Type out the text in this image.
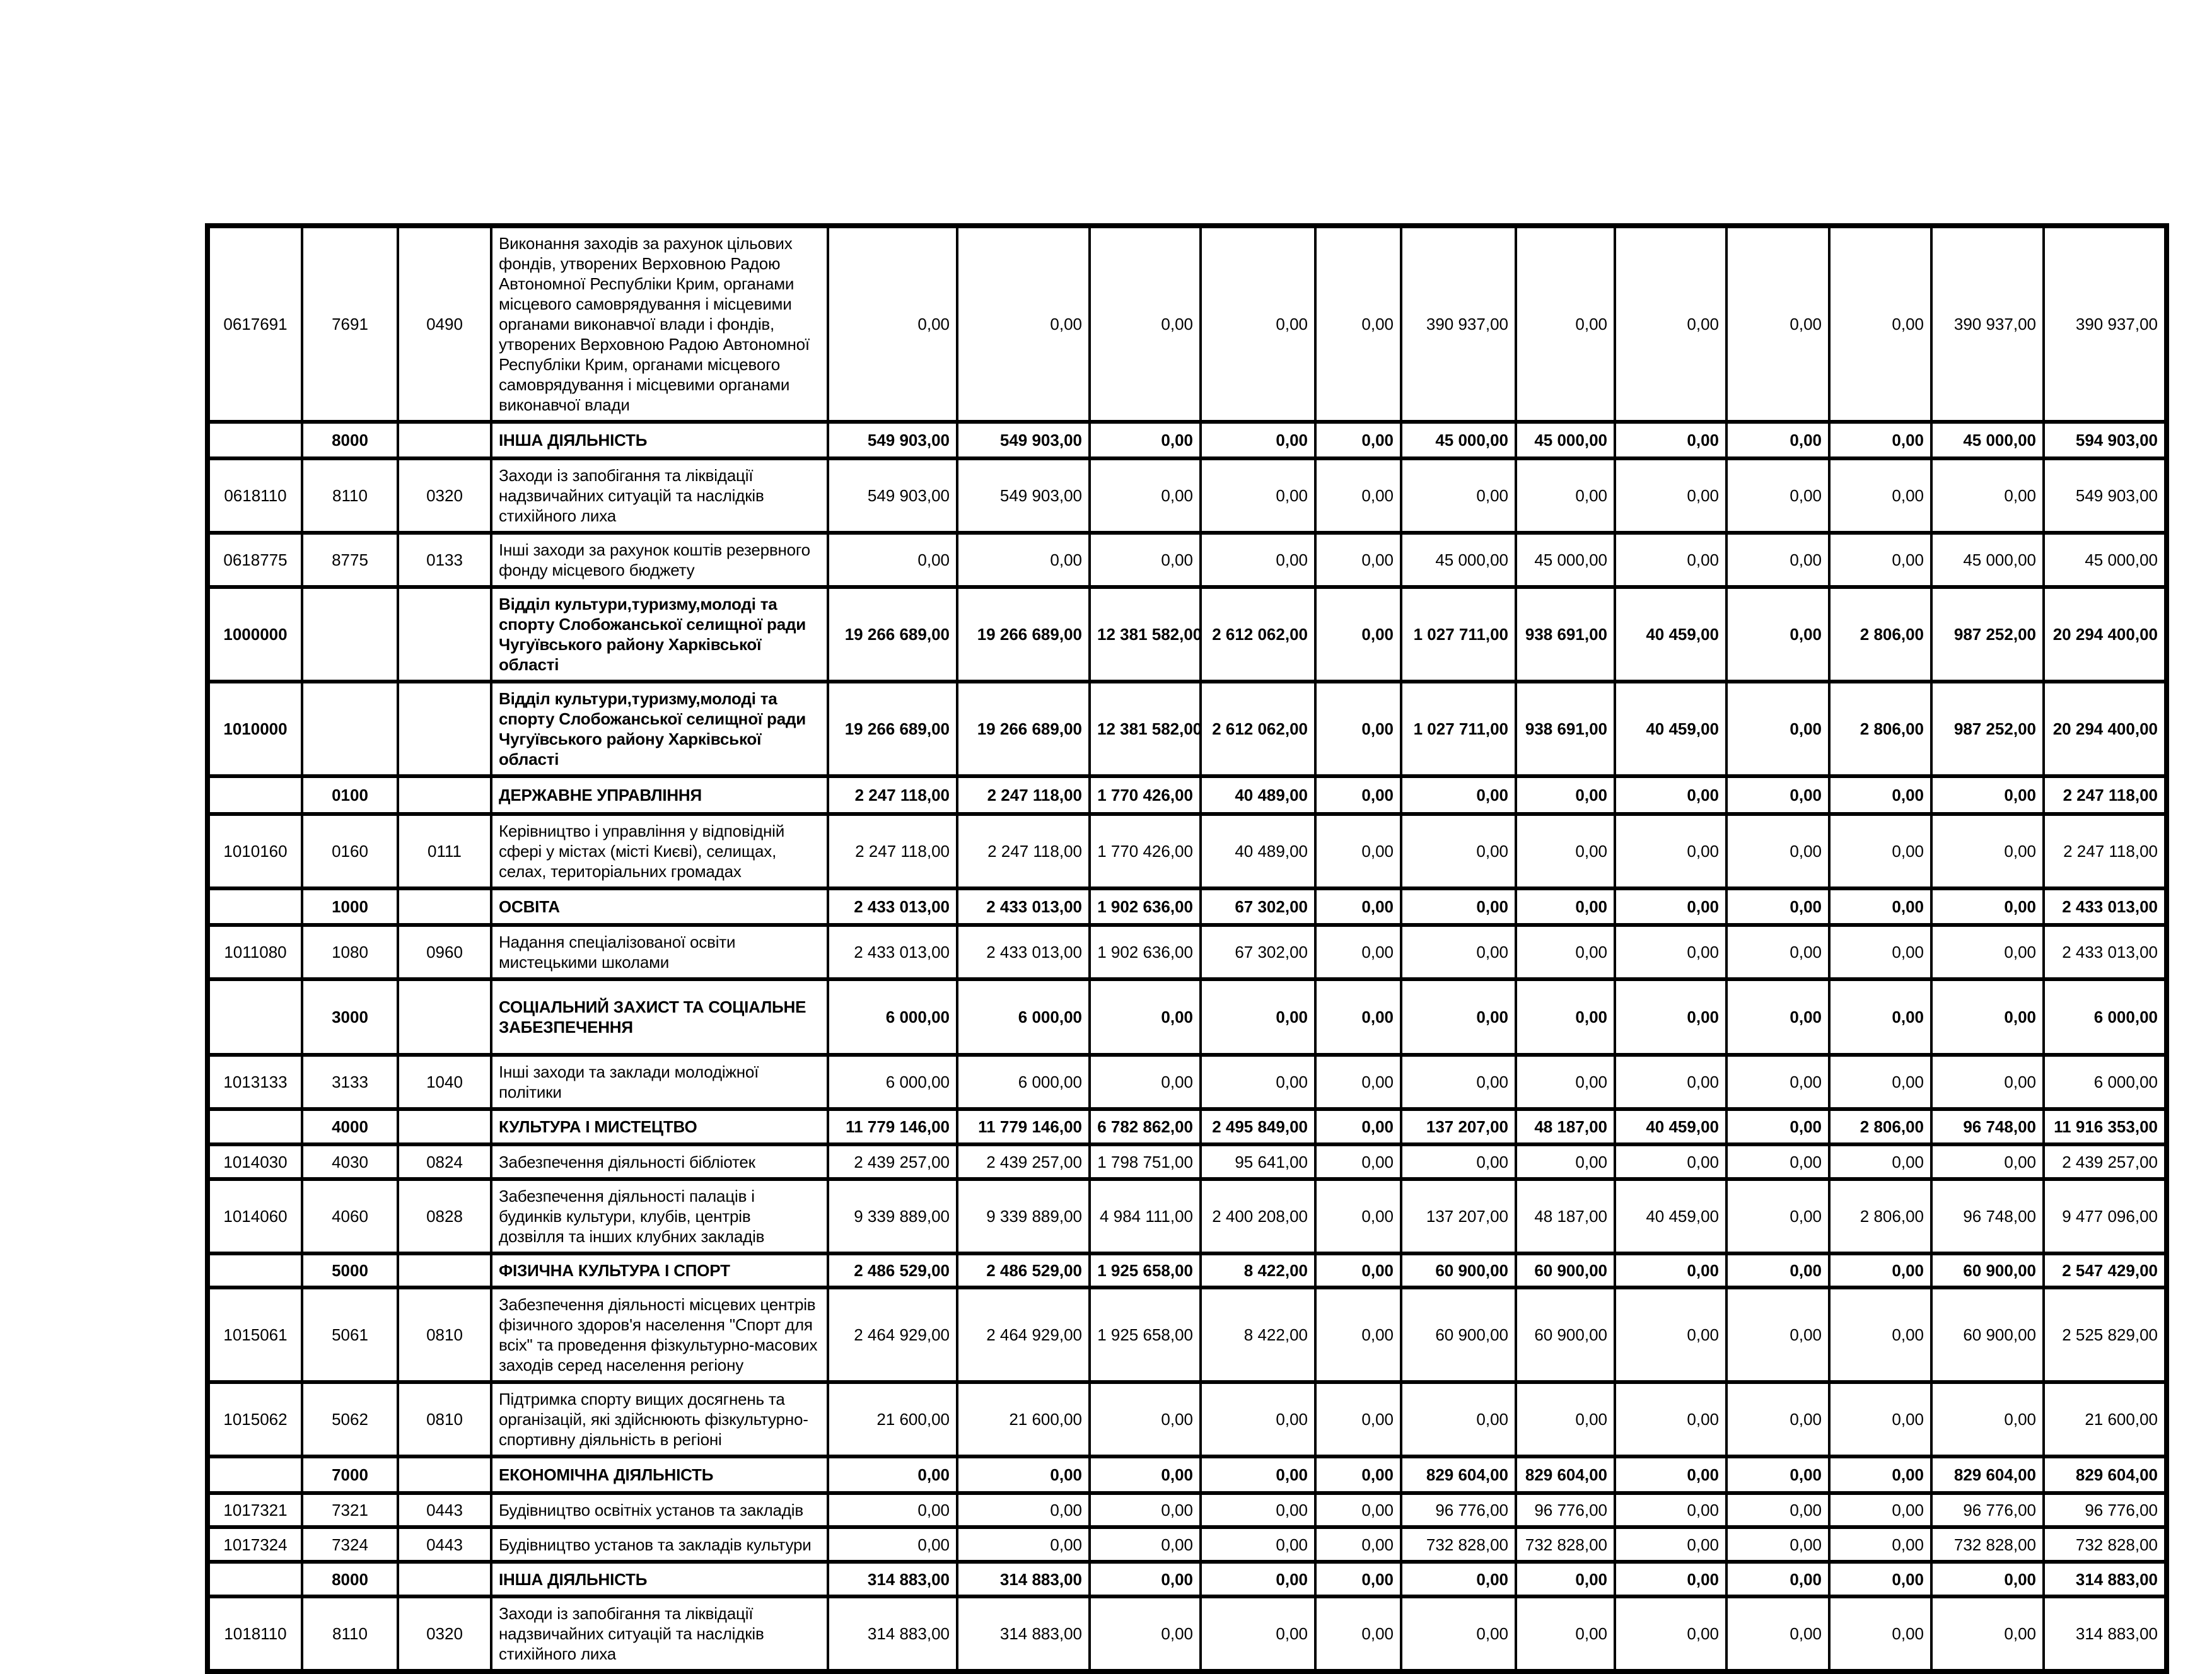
0617691	7691	0490	Виконання заходів за рахунок цільових фондів, утворених Верховною Радою Автономної Республіки Крим, органами місцевого самоврядування і місцевими органами виконавчої влади і фондів, утворених Верховною Радою Автономної Республіки Крим, органами місцевого самоврядування і місцевими органами виконавчої влади	0,00	0,00	0,00	0,00	0,00	390 937,00	0,00	0,00	0,00	0,00	390 937,00	390 937,00
	8000		ІНША ДІЯЛЬНІСТЬ	549 903,00	549 903,00	0,00	0,00	0,00	45 000,00	45 000,00	0,00	0,00	0,00	45 000,00	594 903,00
0618110	8110	0320	Заходи із запобігання та ліквідації надзвичайних ситуацій та наслідків стихійного лиха	549 903,00	549 903,00	0,00	0,00	0,00	0,00	0,00	0,00	0,00	0,00	0,00	549 903,00
0618775	8775	0133	Інші заходи за рахунок коштів резервного фонду місцевого бюджету	0,00	0,00	0,00	0,00	0,00	45 000,00	45 000,00	0,00	0,00	0,00	45 000,00	45 000,00
1000000			Відділ культури,туризму,молоді та спорту Слобожанської селищної ради Чугуївського району Харківської області	19 266 689,00	19 266 689,00	12 381 582,00	2 612 062,00	0,00	1 027 711,00	938 691,00	40 459,00	0,00	2 806,00	987 252,00	20 294 400,00
1010000			Відділ культури,туризму,молоді та спорту Слобожанської селищної ради Чугуївського району Харківської області	19 266 689,00	19 266 689,00	12 381 582,00	2 612 062,00	0,00	1 027 711,00	938 691,00	40 459,00	0,00	2 806,00	987 252,00	20 294 400,00
	0100		ДЕРЖАВНЕ УПРАВЛІННЯ	2 247 118,00	2 247 118,00	1 770 426,00	40 489,00	0,00	0,00	0,00	0,00	0,00	0,00	0,00	2 247 118,00
1010160	0160	0111	Керівництво і управління у відповідній сфері у містах (місті Києві), селищах, селах, територіальних громадах	2 247 118,00	2 247 118,00	1 770 426,00	40 489,00	0,00	0,00	0,00	0,00	0,00	0,00	0,00	2 247 118,00
	1000		ОСВІТА	2 433 013,00	2 433 013,00	1 902 636,00	67 302,00	0,00	0,00	0,00	0,00	0,00	0,00	0,00	2 433 013,00
1011080	1080	0960	Надання спеціалізованої освіти мистецькими школами	2 433 013,00	2 433 013,00	1 902 636,00	67 302,00	0,00	0,00	0,00	0,00	0,00	0,00	0,00	2 433 013,00
	3000		СОЦІАЛЬНИЙ ЗАХИСТ ТА СОЦІАЛЬНЕ ЗАБЕЗПЕЧЕННЯ	6 000,00	6 000,00	0,00	0,00	0,00	0,00	0,00	0,00	0,00	0,00	0,00	6 000,00
1013133	3133	1040	Інші заходи та заклади молодіжної політики	6 000,00	6 000,00	0,00	0,00	0,00	0,00	0,00	0,00	0,00	0,00	0,00	6 000,00
	4000		КУЛЬТУРА І МИСТЕЦТВО	11 779 146,00	11 779 146,00	6 782 862,00	2 495 849,00	0,00	137 207,00	48 187,00	40 459,00	0,00	2 806,00	96 748,00	11 916 353,00
1014030	4030	0824	Забезпечення діяльності бібліотек	2 439 257,00	2 439 257,00	1 798 751,00	95 641,00	0,00	0,00	0,00	0,00	0,00	0,00	0,00	2 439 257,00
1014060	4060	0828	Забезпечення діяльності палаців і будинків культури, клубів, центрів дозвілля та інших клубних закладів	9 339 889,00	9 339 889,00	4 984 111,00	2 400 208,00	0,00	137 207,00	48 187,00	40 459,00	0,00	2 806,00	96 748,00	9 477 096,00
	5000		ФІЗИЧНА КУЛЬТУРА І СПОРТ	2 486 529,00	2 486 529,00	1 925 658,00	8 422,00	0,00	60 900,00	60 900,00	0,00	0,00	0,00	60 900,00	2 547 429,00
1015061	5061	0810	Забезпечення діяльності місцевих центрів фізичного здоров'я населення "Спорт для всіх" та проведення фізкультурно-масових заходів серед населення регіону	2 464 929,00	2 464 929,00	1 925 658,00	8 422,00	0,00	60 900,00	60 900,00	0,00	0,00	0,00	60 900,00	2 525 829,00
1015062	5062	0810	Підтримка спорту вищих досягнень та організацій, які здійснюють фізкультурно-спортивну діяльність в регіоні	21 600,00	21 600,00	0,00	0,00	0,00	0,00	0,00	0,00	0,00	0,00	0,00	21 600,00
	7000		ЕКОНОМІЧНА ДІЯЛЬНІСТЬ	0,00	0,00	0,00	0,00	0,00	829 604,00	829 604,00	0,00	0,00	0,00	829 604,00	829 604,00
1017321	7321	0443	Будівництво освітніх установ та закладів	0,00	0,00	0,00	0,00	0,00	96 776,00	96 776,00	0,00	0,00	0,00	96 776,00	96 776,00
1017324	7324	0443	Будівництво установ та закладів культури	0,00	0,00	0,00	0,00	0,00	732 828,00	732 828,00	0,00	0,00	0,00	732 828,00	732 828,00
	8000		ІНША ДІЯЛЬНІСТЬ	314 883,00	314 883,00	0,00	0,00	0,00	0,00	0,00	0,00	0,00	0,00	0,00	314 883,00
1018110	8110	0320	Заходи із запобігання та ліквідації надзвичайних ситуацій та наслідків стихійного лиха	314 883,00	314 883,00	0,00	0,00	0,00	0,00	0,00	0,00	0,00	0,00	0,00	314 883,00
